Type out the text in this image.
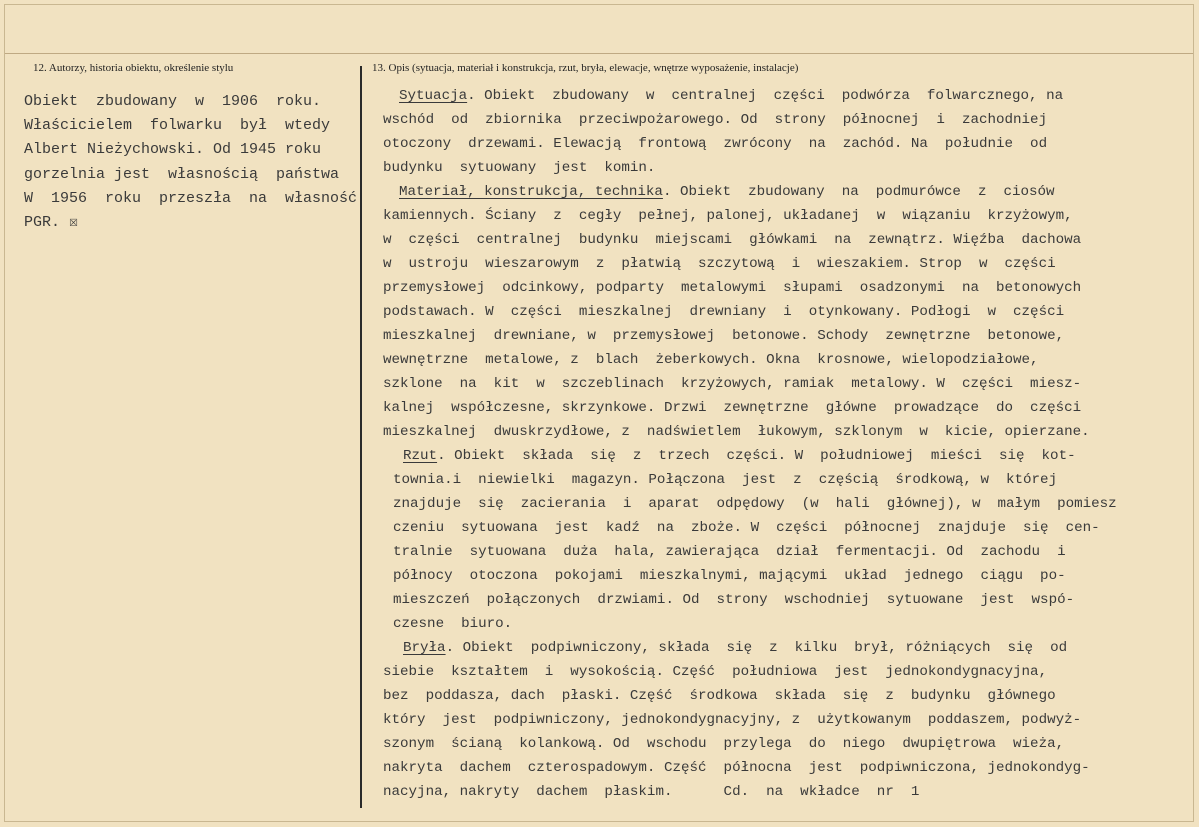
12. Autorzy, historia obiektu, określenie stylu	13. Opis (sytuacja, materiał i konstrukcja, rzut, bryła, elewacje, wnętrze wyposażenie, instalacje)
Obiekt  zbudowany  w  1906  roku.
Właścicielem  folwarku  był  wtedy
Albert Nieżychowski. Od 1945 roku
gorzelnia jest  własnością  państwa
W  1956  roku  przeszła  na  własność
PGR. ☒
Sytuacja. Obiekt  zbudowany  w  centralnej  części  podwórza  folwarcznego, na
wschód  od  zbiornika  przeciwpożarowego. Od  strony  północnej  i  zachodniej
otoczony  drzewami. Elewacją  frontową  zwrócony  na  zachód. Na  południe  od
budynku  sytuowany  jest  komin.
Materiał, konstrukcja, technika. Obiekt  zbudowany  na  podmurówce  z  ciosów
kamiennych. Ściany  z  cegły  pełnej, palonej, układanej  w  wiązaniu  krzyżowym,
w  części  centralnej  budynku  miejscami  główkami  na  zewnątrz. Więźba  dachowa
w  ustroju  wieszarowym  z  płatwią  szczytową  i  wieszakiem. Strop  w  części
przemysłowej  odcinkowy, podparty  metalowymi  słupami  osadzonymi  na  betonowych
podstawach. W  części  mieszkalnej  drewniany  i  otynkowany. Podłogi  w  części
mieszkalnej  drewniane, w  przemysłowej  betonowe. Schody  zewnętrzne  betonowe,
wewnętrzne  metalowe, z  blach  żeberkowych. Okna  krosnowe, wielopodziałowe,
szklone  na  kit  w  szczeblinach  krzyżowych, ramiak  metalowy. W  części  miesz-
kalnej  współczesne, skrzynkowe. Drzwi  zewnętrzne  główne  prowadzące  do  części
mieszkalnej  dwuskrzydłowe, z  nadświetlem  łukowym, szklonym  w  kicie, opierzane.
Rzut. Obiekt  składa  się  z  trzech  części. W  południowej  mieści  się  kot-
townia.i  niewielki  magazyn. Połączona  jest  z  częścią  środkową, w  której
znajduje  się  zacierania  i  aparat  odpędowy  (w  hali  głównej), w  małym  pomiesz
czeniu  sytuowana  jest  kadź  na  zboże. W  części  północnej  znajduje  się  cen-
tralnie  sytuowana  duża  hala, zawierająca  dział  fermentacji. Od  zachodu  i
północy  otoczona  pokojami  mieszkalnymi, mającymi  układ  jednego  ciągu  po-
mieszczeń  połączonych  drzwiami. Od  strony  wschodniej  sytuowane  jest  wspó-
czesne  biuro.
Bryła. Obiekt  podpiwniczony, składa  się  z  kilku  brył, różniących  się  od
siebie  kształtem  i  wysokością. Część  południowa  jest  jednokondygnacyjna,
bez  poddasza, dach  płaski. Część  środkowa  składa  się  z  budynku  głównego
który  jest  podpiwniczony, jednokondygnacyjny, z  użytkowanym  poddaszem, podwyż-
szonym  ścianą  kolankową. Od  wschodu  przylega  do  niego  dwupiętrowa  wieża,
nakryta  dachem  czterospadowym. Część  północna  jest  podpiwniczona, jednokondyg-
nacyjna, nakryty  dachem  płaskim.      Cd.  na  wkładce  nr  1
